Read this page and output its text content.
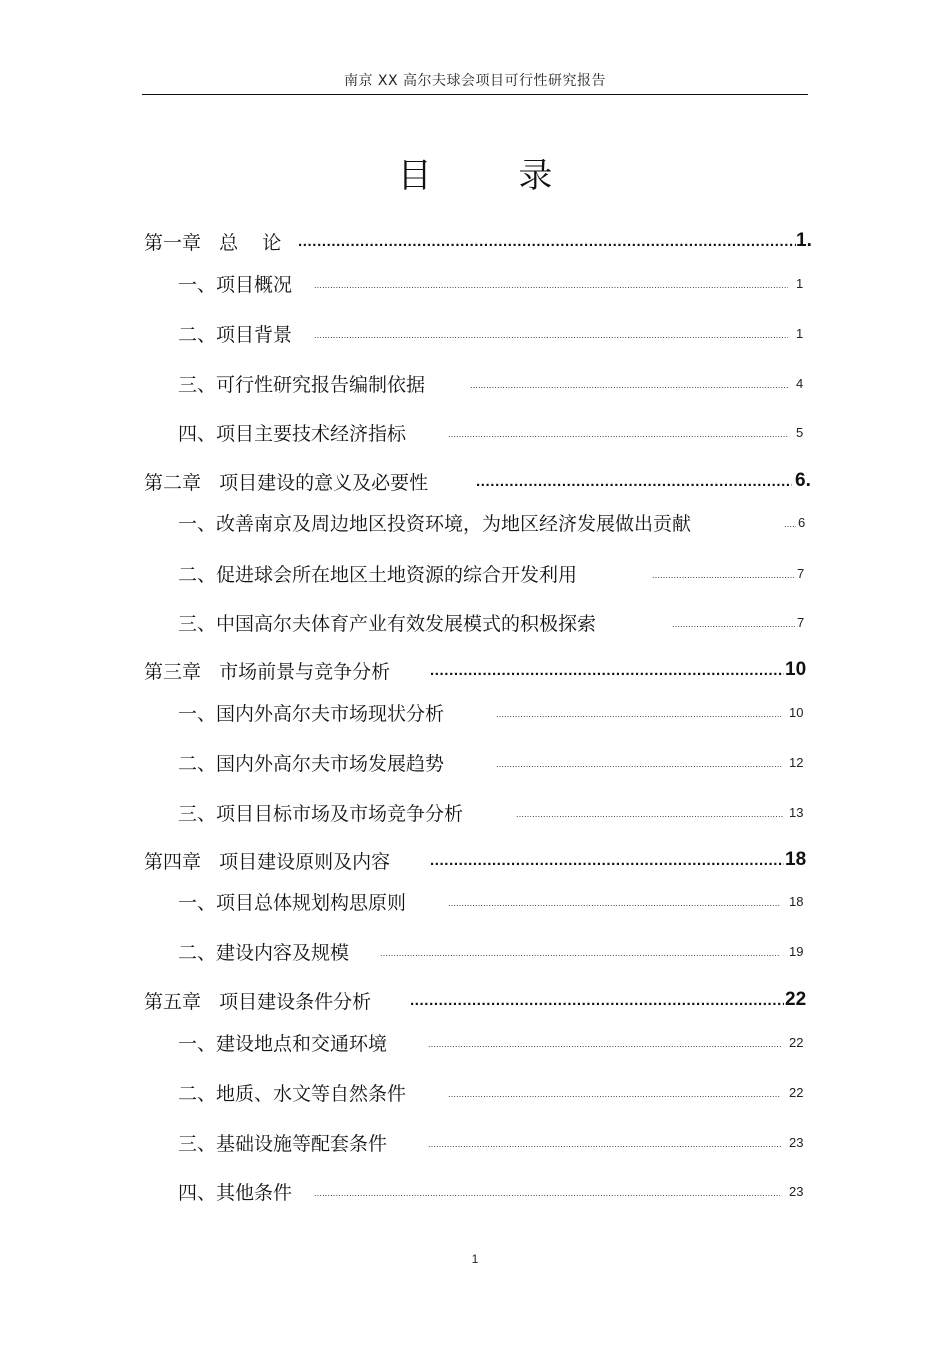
南京 XX 高尔夫球会项目可行性研究报告
目 录
第一章   总    论 .....	1.
一、项目概况 .....	1
二、项目背景 .....	1
三、可行性研究报告编制依据 .....	4
四、项目主要技术经济指标 .....	5
第二章   项目建设的意义及必要性 .....	6.
一、改善南京及周边地区投资环境，为地区经济发展做出贡献 .....	6
二、促进球会所在地区土地资源的综合开发利用 .....	7
三、中国高尔夫体育产业有效发展模式的积极探索 .....	7
第三章   市场前景与竞争分析 .....	10
一、国内外高尔夫市场现状分析 .....	10
二、国内外高尔夫市场发展趋势 .....	12
三、项目目标市场及市场竞争分析 .....	13
第四章   项目建设原则及内容 .....	18
一、项目总体规划构思原则 .....	18
二、建设内容及规模 .....	19
第五章   项目建设条件分析 .....	22
一、建设地点和交通环境 .....	22
二、地质、水文等自然条件 .....	22
三、基础设施等配套条件 .....	23
四、其他条件 .....	23
1
